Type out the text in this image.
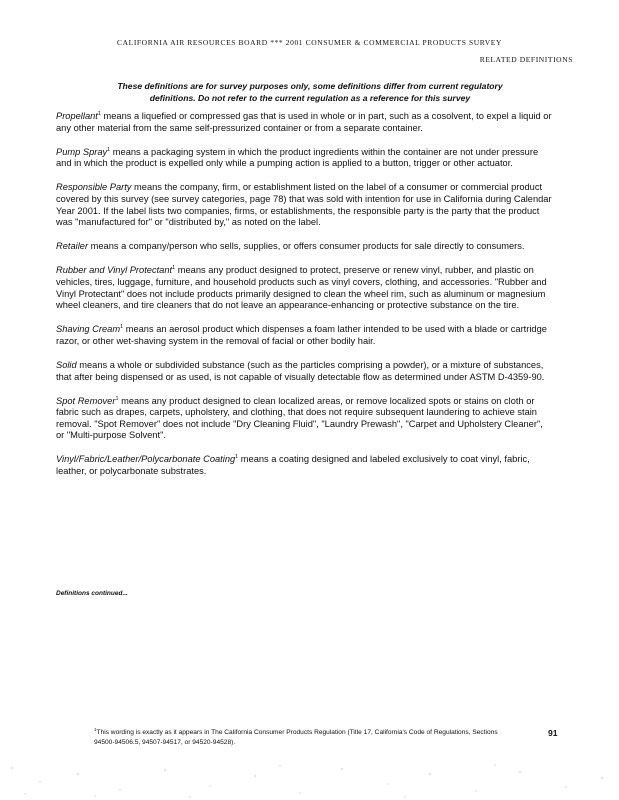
CALIFORNIA AIR RESOURCES BOARD *** 2001 CONSUMER & COMMERCIAL PRODUCTS SURVEY
RELATED DEFINITIONS
These definitions are for survey purposes only, some definitions differ from current regulatory
definitions. Do not refer to the current regulation as a reference for this survey

Propellant$^1$ means a liquefied or compressed gas that is used in whole or in part, such as a cosolvent, to expel a liquid or any other material from the same self-pressurized container or from a separate container.

Pump Spray$^1$ means a packaging system in which the product ingredients within the container are not under pressure and in which the product is expelled only while a pumping action is applied to a button, trigger or other actuator.

Responsible Party means the company, firm, or establishment listed on the label of a consumer or commercial product covered by this survey (see survey categories, page 78) that was sold with intention for use in California during Calendar Year 2001. If the label lists two companies, firms, or establishments, the responsible party is the party that the product was "manufactured for" or "distributed by," as noted on the label.

Retailer means a company/person who sells, supplies, or offers consumer products for sale directly to consumers.

Rubber and Vinyl Protectant$^1$ means any product designed to protect, preserve or renew vinyl, rubber, and plastic on vehicles, tires, luggage, furniture, and household products such as vinyl covers, clothing, and accessories. "Rubber and Vinyl Protectant" does not include products primarily designed to clean the wheel rim, such as aluminum or magnesium wheel cleaners, and tire cleaners that do not leave an appearance-enhancing or protective substance on the tire.

Shaving Cream$^1$ means an aerosol product which dispenses a foam lather intended to be used with a blade or cartridge razor, or other wet-shaving system in the removal of facial or other bodily hair.

Solid means a whole or subdivided substance (such as the particles comprising a powder), or a mixture of substances, that after being dispensed or as used, is not capable of visually detectable flow as determined under ASTM D-4359-90.

Spot Remover$^1$ means any product designed to clean localized areas, or remove localized spots or stains on cloth or fabric such as drapes, carpets, upholstery, and clothing, that does not require subsequent laundering to achieve stain removal. "Spot Remover" does not include "Dry Cleaning Fluid", "Laundry Prewash", "Carpet and Upholstery Cleaner", or "Multi-purpose Solvent".

Vinyl/Fabric/Leather/Polycarbonate Coating$^1$ means a coating designed and labeled exclusively to coat vinyl, fabric, leather, or polycarbonate substrates.

Definitions continued...
$^1$This wording is exactly as it appears in The California Consumer Products Regulation (Title 17, California's Code of Regulations, Sections 94500-94506.5, 94507-94517, or 94520-94528).
91
